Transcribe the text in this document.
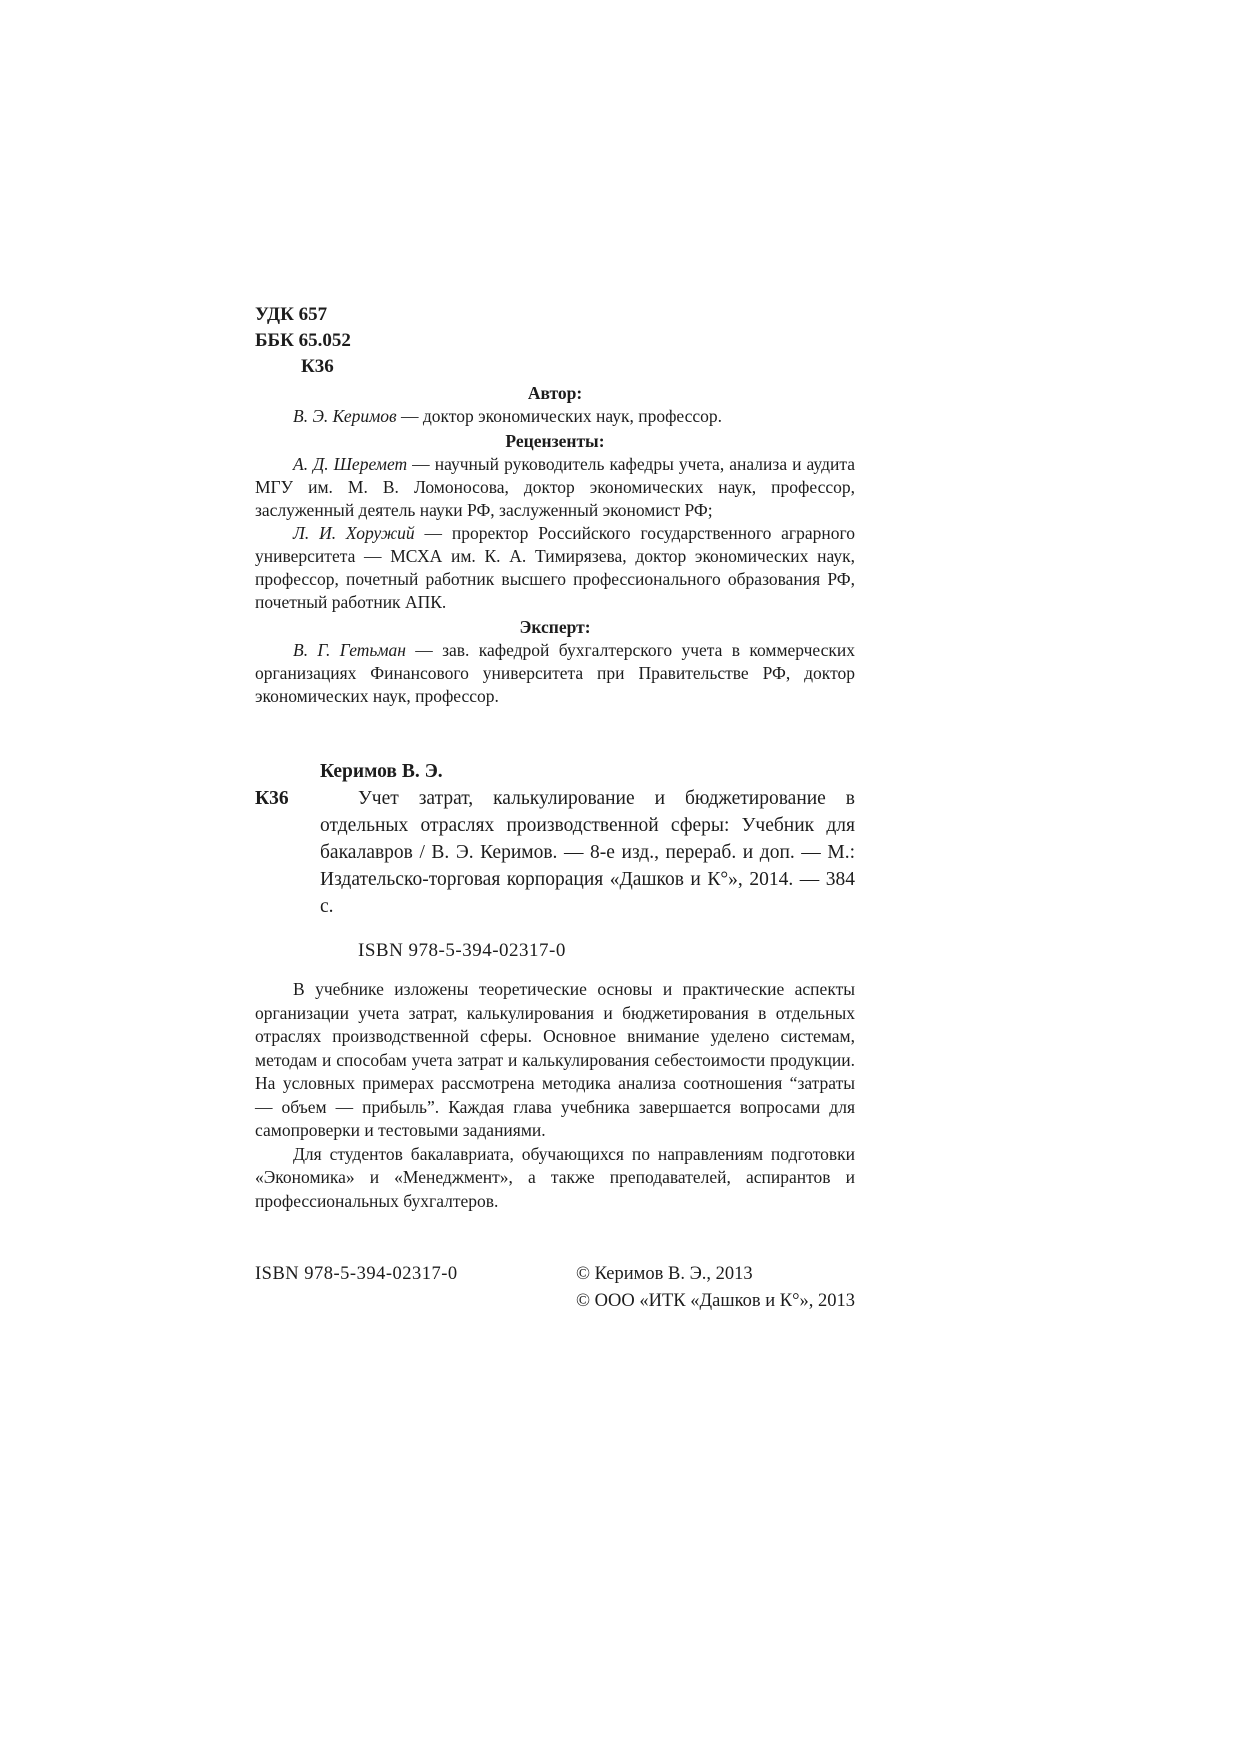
УДК 657
ББК 65.052
К36
Автор:

В. Э. Керимов — доктор экономических наук, профессор.

Рецензенты:

А. Д. Шеремет — научный руководитель кафедры учета, анализа и аудита МГУ им. М. В. Ломоносова, доктор экономических наук, профессор, заслуженный деятель науки РФ, заслуженный экономист РФ;

Л. И. Хоружий — проректор Российского государственного аграрного университета — МСХА им. К. А. Тимирязева, доктор экономических наук, профессор, почетный работник высшего профессионального образования РФ, почетный работник АПК.

Эксперт:

В. Г. Гетьман — зав. кафедрой бухгалтерского учета в коммерческих организациях Финансового университета при Правительстве РФ, доктор экономических наук, профессор.

Керимов В. Э.
К36	Учет затрат, калькулирование и бюджетирование в отдельных отраслях производственной сферы: Учебник для бакалавров / В. Э. Керимов. — 8-е изд., перераб. и доп. — М.: Издательско-торговая корпорация «Дашков и К°», 2014. — 384 с.

ISBN 978-5-394-02317-0

В учебнике изложены теоретические основы и практические аспекты организации учета затрат, калькулирования и бюджетирования в отдельных отраслях производственной сферы. Основное внимание уделено системам, методам и способам учета затрат и калькулирования себестоимости продукции. На условных примерах рассмотрена методика анализа соотношения “затраты — объем — прибыль”. Каждая глава учебника завершается вопросами для самопроверки и тестовыми заданиями.

Для студентов бакалавриата, обучающихся по направлениям подготовки «Экономика» и «Менеджмент», а также преподавателей, аспирантов и профессиональных бухгалтеров.

ISBN 978-5-394-02317-0	© Керимов В. Э., 2013
© ООО «ИТК «Дашков и К°», 2013
